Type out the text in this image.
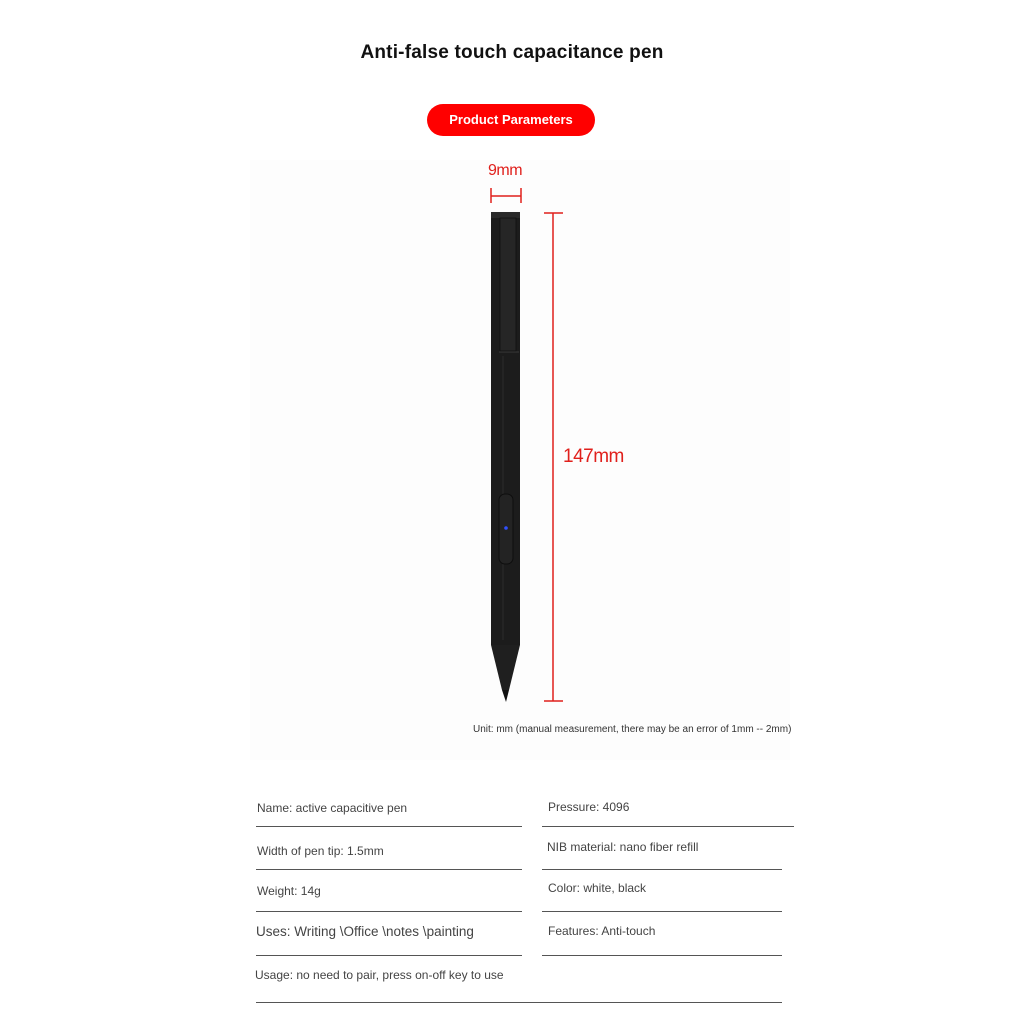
Anti-false touch capacitance pen
Product Parameters
9mm
147mm
Unit: mm (manual measurement, there may be an error of 1mm -- 2mm)
Name: active capacitive pen
Width of pen tip: 1.5mm
Weight: 14g
Uses: Writing \Office \notes \painting
Pressure: 4096
NIB material: nano fiber refill
Color: white, black
Features: Anti-touch
Usage: no need to pair, press on-off key to use
